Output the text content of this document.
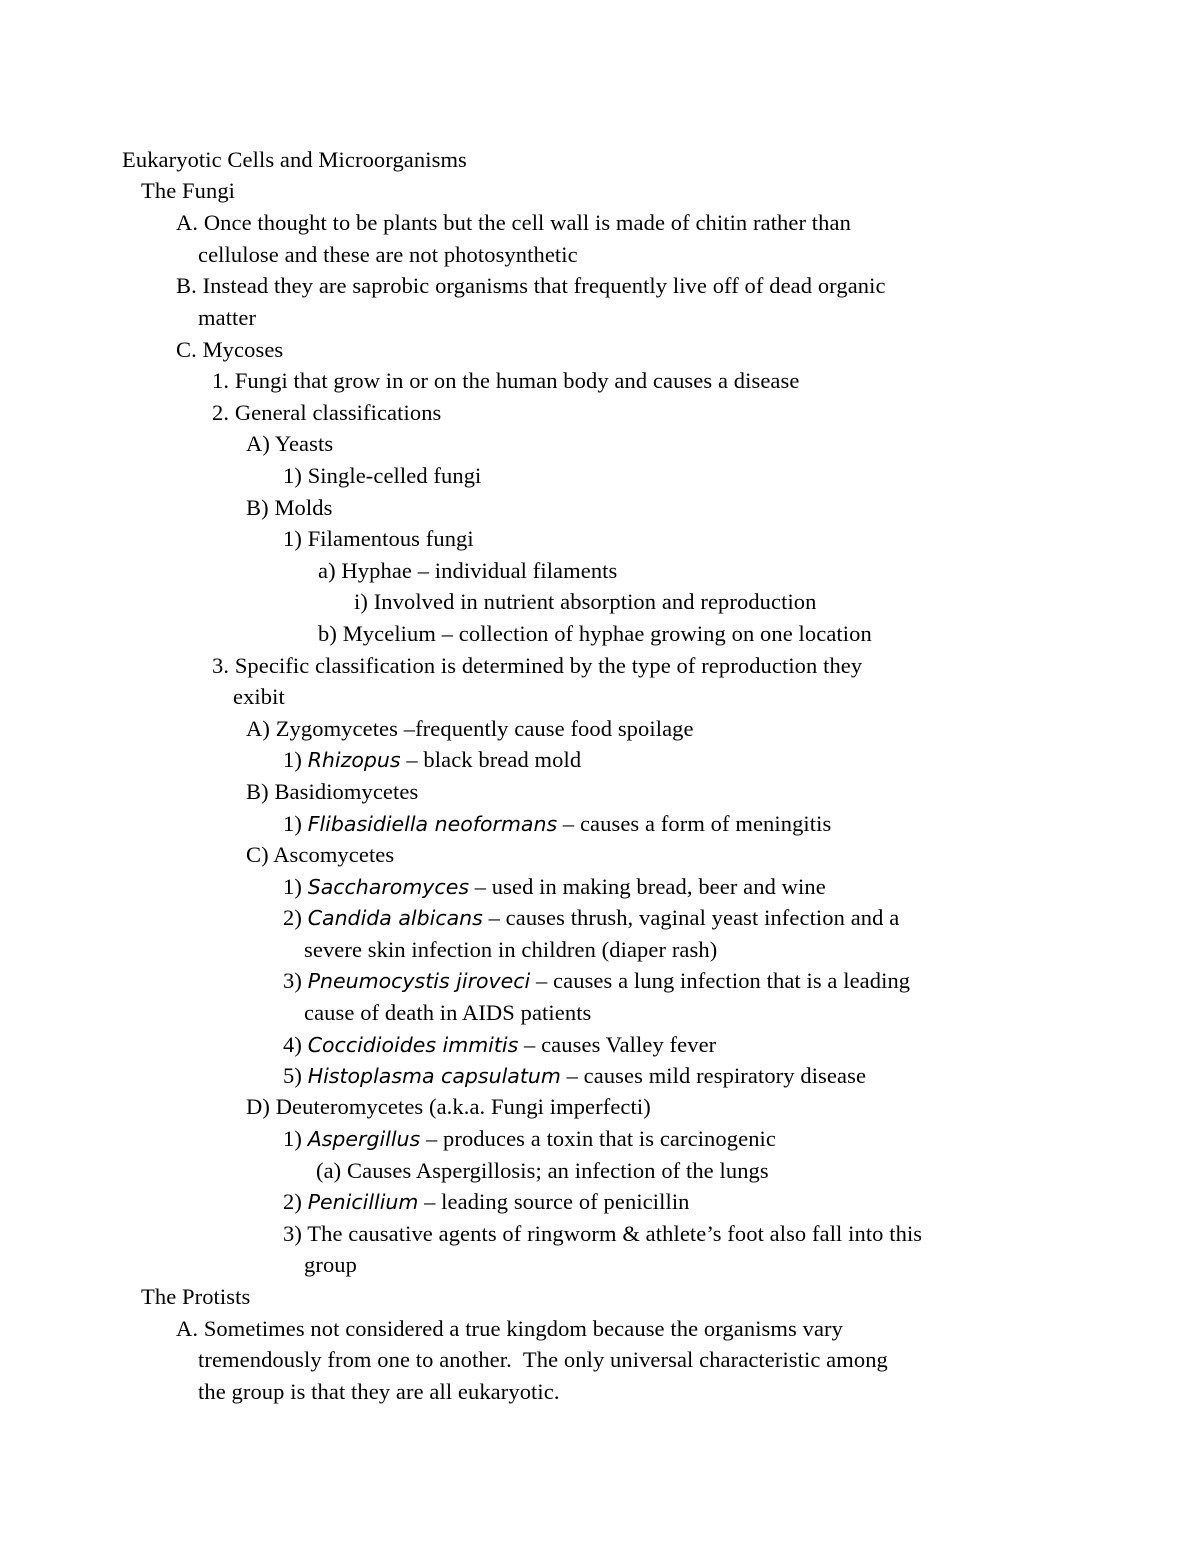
Eukaryotic Cells and Microorganisms
The Fungi
A. Once thought to be plants but the cell wall is made of chitin rather than
cellulose and these are not photosynthetic
B. Instead they are saprobic organisms that frequently live off of dead organic
matter
C. Mycoses
1. Fungi that grow in or on the human body and causes a disease
2. General classifications
A) Yeasts
1) Single-celled fungi
B) Molds
1) Filamentous fungi
a) Hyphae – individual filaments
i) Involved in nutrient absorption and reproduction
b) Mycelium – collection of hyphae growing on one location
3. Specific classification is determined by the type of reproduction they
exibit
A) Zygomycetes –frequently cause food spoilage
1) Rhizopus – black bread mold
B) Basidiomycetes
1) Flibasidiella neoformans – causes a form of meningitis
C) Ascomycetes
1) Saccharomyces – used in making bread, beer and wine
2) Candida albicans – causes thrush, vaginal yeast infection and a
severe skin infection in children (diaper rash)
3) Pneumocystis jiroveci – causes a lung infection that is a leading
cause of death in AIDS patients
4) Coccidioides immitis – causes Valley fever
5) Histoplasma capsulatum – causes mild respiratory disease
D) Deuteromycetes (a.k.a. Fungi imperfecti)
1) Aspergillus – produces a toxin that is carcinogenic
(a) Causes Aspergillosis; an infection of the lungs
2) Penicillium – leading source of penicillin
3) The causative agents of ringworm & athlete’s foot also fall into this
group
The Protists
A. Sometimes not considered a true kingdom because the organisms vary
tremendously from one to another.  The only universal characteristic among
the group is that they are all eukaryotic.
